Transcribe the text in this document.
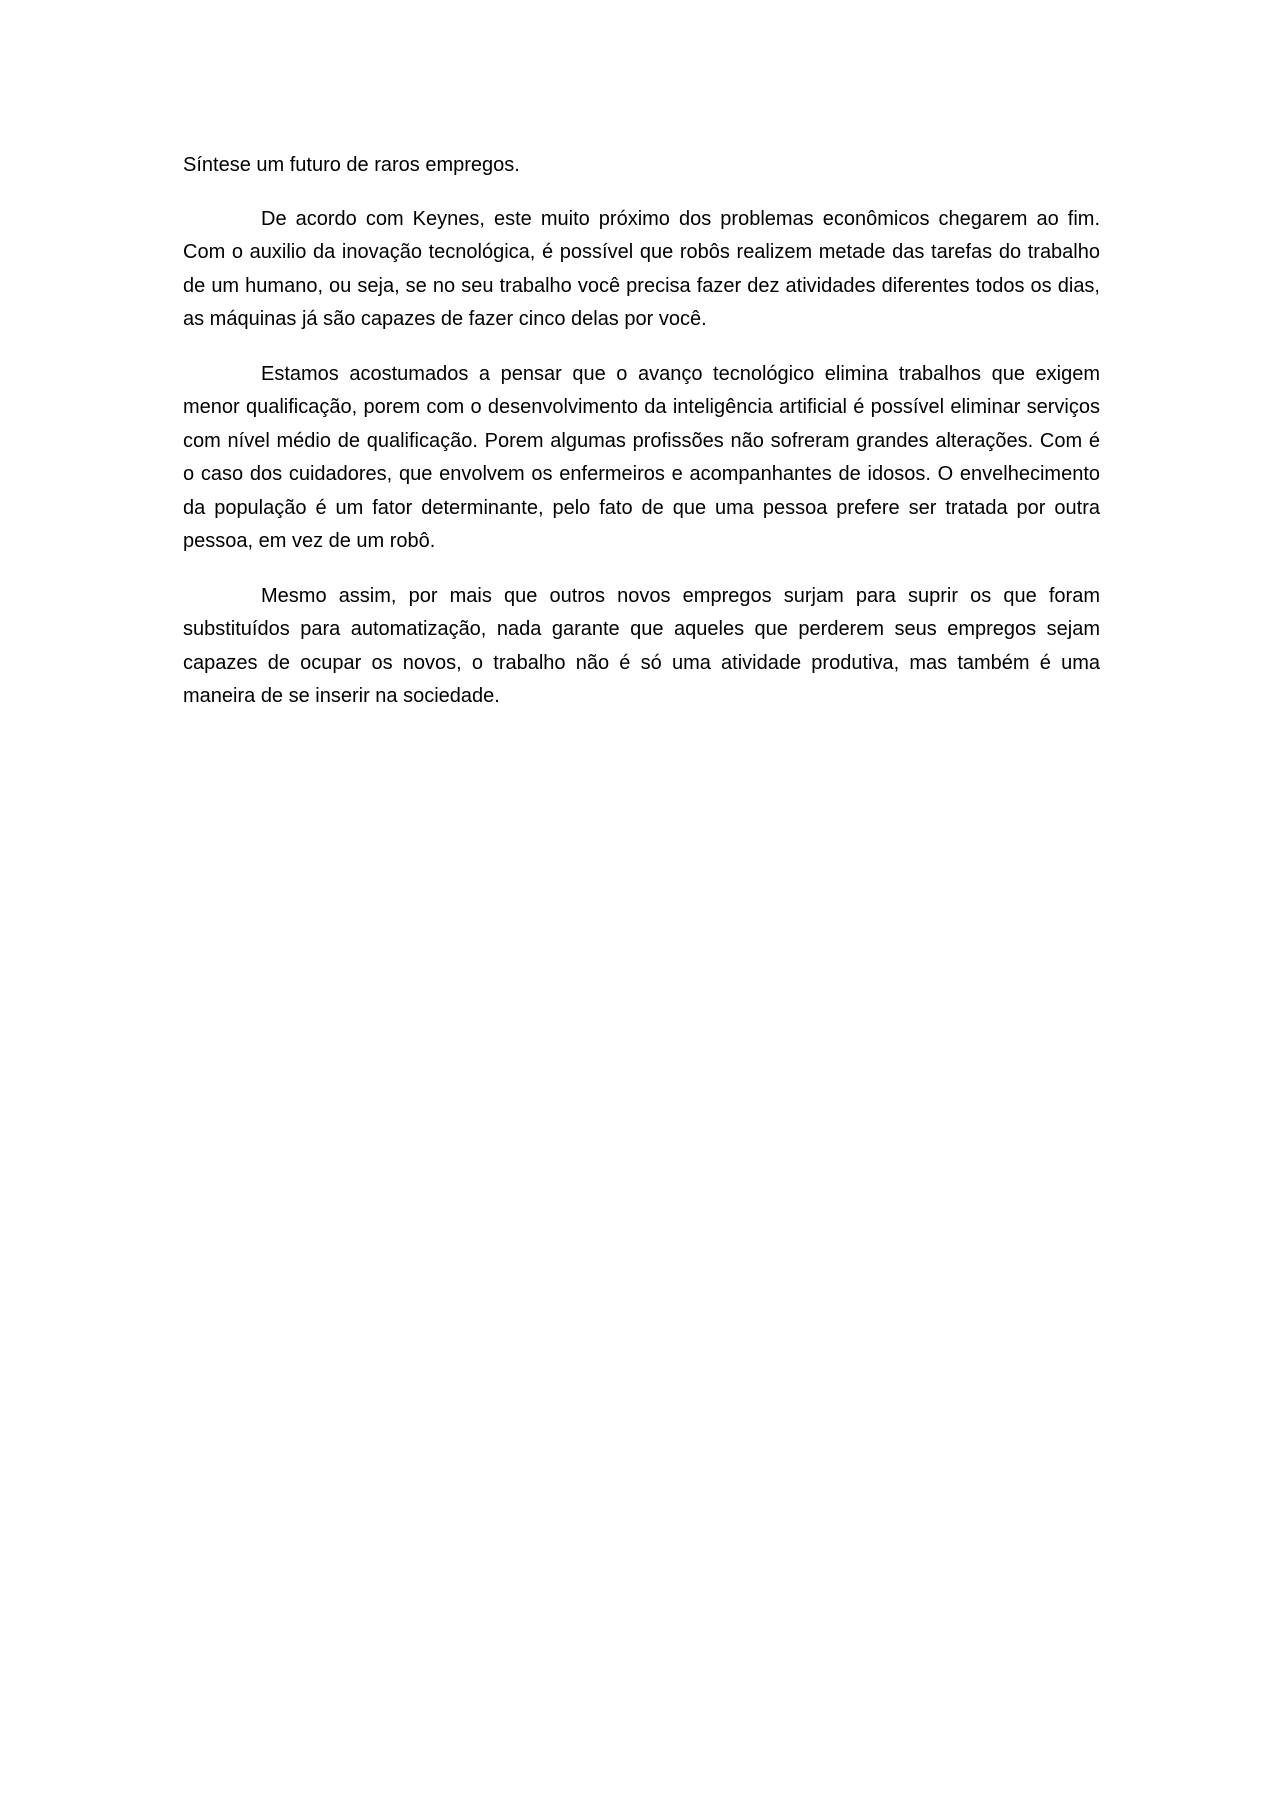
Síntese um futuro de raros empregos.

De acordo com Keynes, este muito próximo dos problemas econômicos chegarem ao fim. Com o auxilio da inovação tecnológica, é possível que robôs realizem metade das tarefas do trabalho de um humano, ou seja, se no seu trabalho você precisa fazer dez atividades diferentes todos os dias, as máquinas já são capazes de fazer cinco delas por você.

Estamos acostumados a pensar que o avanço tecnológico elimina trabalhos que exigem menor qualificação, porem com o desenvolvimento da inteligência artificial é possível eliminar serviços com nível médio de qualificação. Porem algumas profissões não sofreram grandes alterações. Com é o caso dos cuidadores, que envolvem os enfermeiros e acompanhantes de idosos. O envelhecimento da população é um fator determinante, pelo fato de que uma pessoa prefere ser tratada por outra pessoa, em vez de um robô.

Mesmo assim, por mais que outros novos empregos surjam para suprir os que foram substituídos para automatização, nada garante que aqueles que perderem seus empregos sejam capazes de ocupar os novos, o trabalho não é só uma atividade produtiva, mas também é uma maneira de se inserir na sociedade.
